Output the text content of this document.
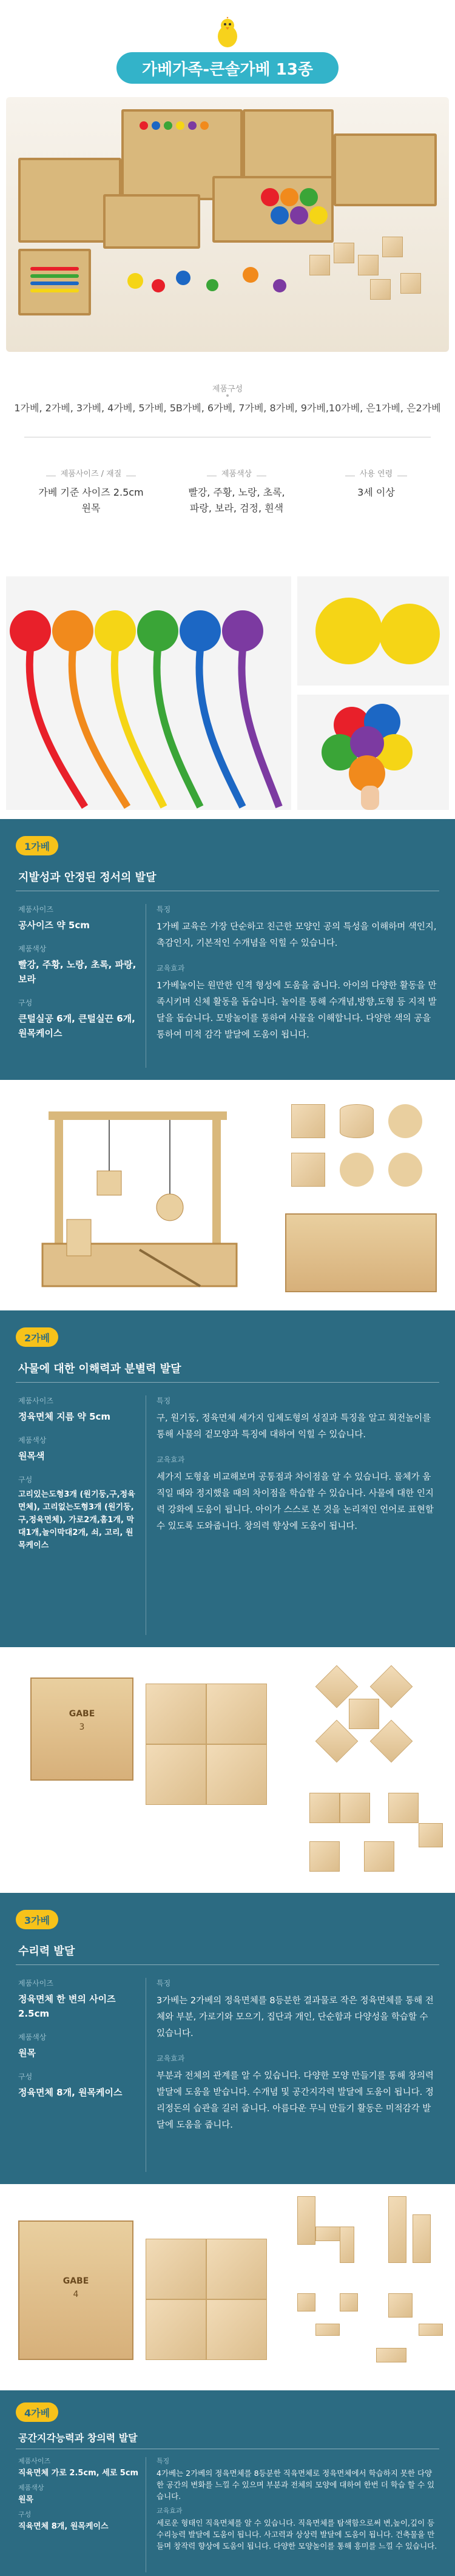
가베가족-큰솔가베 13종
제품구성
1가베, 2가베, 3가베, 4가베, 5가베, 5B가베, 6가베, 7가베, 8가베, 9가베,10가베, 은1가베, 은2가베
제품사이즈 / 재질
가베 기준 사이즈 2.5cm
원목
제품색상
빨강, 주황, 노랑, 초록,
파랑, 보라, 검정, 흰색
사용 연령
3세 이상
1가베
지발성과 안정된 정서의 발달
제품사이즈
공사이즈 약 5cm
제품색상
빨강, 주황, 노랑, 초록, 파랑, 보라
구성
큰털실공 6개, 큰털실끈 6개, 원목케이스
특징
1가베 교육은 가장 단순하고 친근한 모양인 공의 특성을 이해하며 색인지, 촉감인지, 기본적인 수개념을 익힐 수 있습니다.
교육효과
1가베놀이는 원만한 인격 형성에 도움을 줍니다. 아이의 다양한 활동을 만족시키며 신체 활동을 돕습니다. 놀이를 통해 수개념,방향,도형 등 지적 발달을 돕습니다. 모방놀이를 통하여 사물을 이해합니다. 다양한 색의 공을 통하여 미적 감각 발달에 도움이 됩니다.
2가베
사물에 대한 이해력과 분별력 발달
제품사이즈
정육면체 지름 약 5cm
제품색상
원목색
구성
고리있는도형3개 (원기둥,구,정육면체), 고리없는도형3개 (원기둥,구,정육면체), 가로2개,홈1개, 막대1개,놀이막대2개, 쇠, 고리, 원목케이스
특징
구, 원기둥, 정육면체 세가지 입체도형의 성질과 특징을 알고 회전놀이를 통해 사물의 겉모양과 특징에 대하여 익힐 수 있습니다.
교육효과
세가지 도형을 비교해보며 공통점과 차이점을 알 수 있습니다. 물체가 움직일 때와 정지했을 때의 차이점을 학습할 수 있습니다. 사물에 대한 인지력 강화에 도움이 됩니다. 아이가 스스로 본 것을 논리적인 언어로 표현할 수 있도록 도와줍니다. 창의력 향상에 도움이 됩니다.
GABE
3
3가베
수리력 발달
제품사이즈
정육면체 한 변의 사이즈 2.5cm
제품색상
원목
구성
정육면체 8개, 원목케이스
특징
3가베는 2가베의 정육면체를 8등분한 결과물로 작은 정육면체를 통해 전체와 부분, 가로기와 모으기, 집단과 개인, 단순함과 다양성을 학습할 수 있습니다.
교육효과
부분과 전체의 관계를 알 수 있습니다. 다양한 모양 만들기를 통해 창의력 발달에 도움을 받습니다. 수개념 및 공간지각력 발달에 도움이 됩니다. 정리정돈의 습관을 길러 줍니다. 아름다운 무늬 만들기 활동은 미적감각 발달에 도움을 줍니다.
GABE
4
4가베
공간지각능력과 창의력 발달
제품사이즈
직육면체 가로 2.5cm, 세로 5cm
제품색상
원목
구성
직육면체 8개, 원목케이스
특징
4가베는 2가베의 정육면체를 8등분한 직육면체로 정육면체에서 학습하지 못한 다양한 공간의 변화를 느낄 수 있으며 부분과 전체의 모양에 대하여 한번 더 학습 할 수 있습니다.
교육효과
세로운 형태인 직육면체를 알 수 있습니다. 직육면체를 탐색함으로써 변,높이,깊이 등 수리능력 발달에 도움이 됩니다. 사고력과 상상력 발달에 도움이 됩니다. 건축물을 만들며 창작력 향상에 도움이 됩니다. 다양한 모양놀이를 통해 흥미를 느낄 수 있습니다.
